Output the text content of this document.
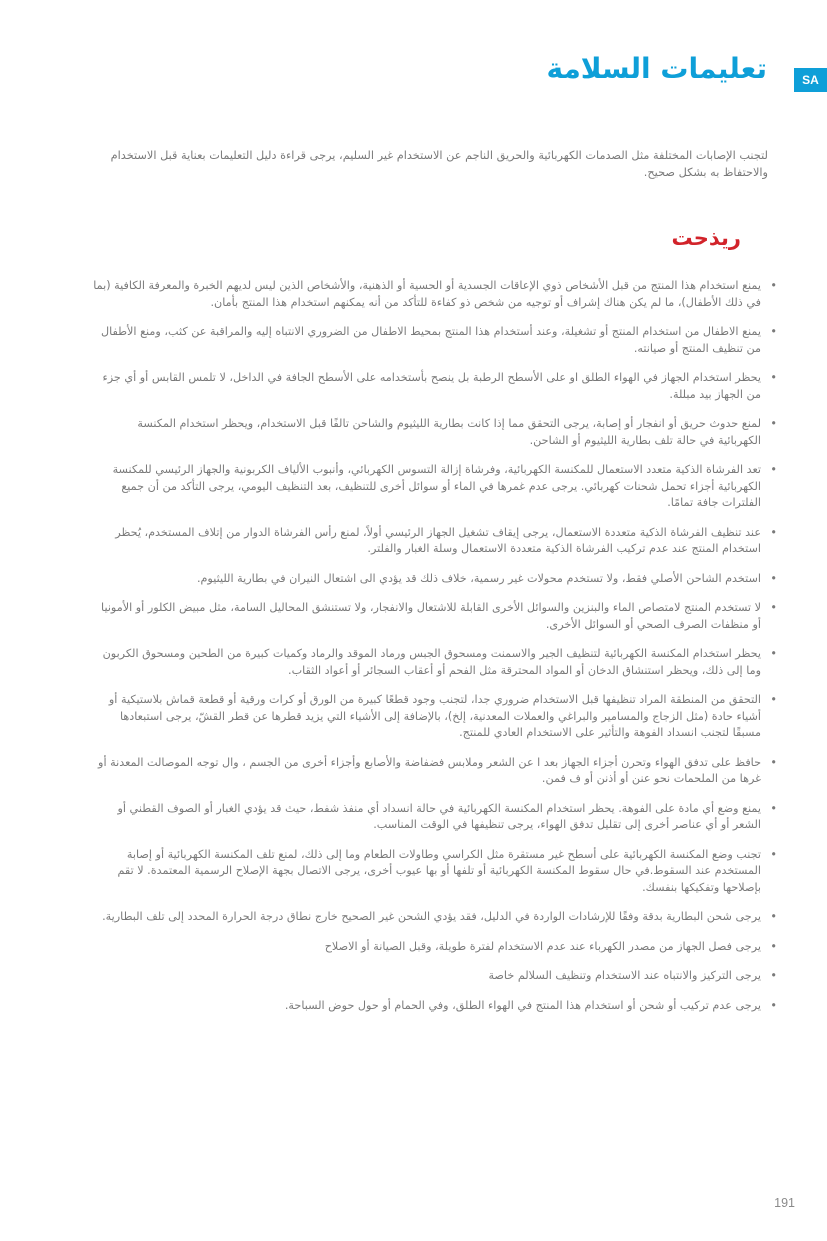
SA
تعليمات السلامة

لتجنب الإصابات المختلفة مثل الصدمات الكهربائية والحريق الناجم عن الاستخدام غير السليم، يرجى قراءة دليل التعليمات بعناية قبل الاستخدام والاحتفاظ به بشكل صحيح.

ريذحت
• يمنع استخدام هذا المنتج من قبل الأشخاص ذوي الإعاقات الجسدية أو الحسية أو الذهنية، والأشخاص الذين ليس لديهم الخبرة والمعرفة الكافية (بما في ذلك الأطفال)، ما لم يكن هناك إشراف أو توجيه من شخص ذو كفاءة للتأكد من أنه يمكنهم استخدام هذا المنتج بأمان.
• يمنع الاطفال من استخدام المنتج أو تشغيلة، وعند أستخدام هذا المنتج بمحيط الاطفال من الضروري الانتباه إليه والمراقبة عن كثب، ومنع الأطفال من تنظيف المنتج أو صيانته.
• يحظر استخدام الجهاز في الهواء الطلق او على الأسطح الرطبة بل ينصح بأستخدامه على الأسطح الجافة في الداخل، لا تلمس القابس أو أي جزء من الجهاز بيد مبللة.
• لمنع حدوث حريق أو انفجار أو إصابة، يرجى التحقق مما إذا كانت بطارية الليثيوم والشاحن تالفًا قبل الاستخدام، ويحظر استخدام المكنسة الكهربائية في حالة تلف بطارية الليثيوم أو الشاحن.
• تعد الفرشاة الذكية متعدد الاستعمال للمكنسة الكهربائية، وفرشاة إزالة التسوس الكهربائي، وأنبوب الألياف الكربونية والجهاز الرئيسي للمكنسة الكهربائية أجزاء تحمل شحنات كهربائي. يرجى عدم غمرها في الماء أو سوائل أخرى للتنظيف، بعد التنظيف اليومي، يرجى التأكد من أن جميع الفلترات جافة تمامًا.
• عند تنظيف الفرشاة الذكية متعددة الاستعمال، يرجى إيقاف تشغيل الجهاز الرئيسي أولاً، لمنع رأس الفرشاة الدوار من إتلاف المستخدم، يُحظر استخدام المنتج عند عدم تركيب الفرشاة الذكية متعددة الاستعمال وسلة الغبار والفلتر.
• استخدم الشاحن الأصلي فقط، ولا تستخدم محولات غير رسمية، خلاف ذلك قد يؤدي الى اشتعال النيران في بطارية الليثيوم.
• لا تستخدم المنتج لامتصاص الماء والبنزين والسوائل الأخرى القابلة للاشتعال والانفجار، ولا تستنشق المحاليل السامة، مثل مبيض الكلور أو الأمونيا أو منظفات الصرف الصحي أو السوائل الأخرى.
• يحظر استخدام المكنسة الكهربائية لتنظيف الجير والاسمنت ومسحوق الجبس ورماد الموقد والرماد وكميات كبيرة من الطحين ومسحوق الكربون وما إلى ذلك، ويحظر استنشاق الدخان أو المواد المحترقة مثل الفحم أو أعقاب السجائر أو أعواد الثقاب.
• التحقق من المنطقة المراد تنظيفها قبل الاستخدام ضروري جدا، لتجنب وجود قطعًا كبيرة من الورق أو كرات ورقية أو قطعة قماش بلاستيكية أو أشياء حادة (مثل الزجاج والمسامير والبراغي والعملات المعدنية، إلخ)، بالإضافة إلى الأشياء التي يزيد قطرها عن قطر القشّ، يرجى استبعادها مسبقًا لتجنب انسداد الفوهة والتأثير على الاستخدام العادي للمنتج.
• حافظ على تدفق الهواء وتحرن أجزاء الجهاز بعد ا عن الشعر وملابس فضفاضة والأصابع وأجزاء أخرى من الجسم ، وال توجه الموصالت المعدنة أو غرها من الملحمات نحو عنن أو أذنن أو ف فمن.
• يمنع وضع أي مادة على الفوهة. يحظر استخدام المكنسة الكهربائية في حالة انسداد أي منفذ شفط، حيث قد يؤدي الغبار أو الصوف القطني أو الشعر أو أي عناصر أخرى إلى تقليل تدفق الهواء، يرجى تنظيفها في الوقت المناسب.
• تجنب وضع المكنسة الكهربائية على أسطح غير مستقرة مثل الكراسي وطاولات الطعام وما إلى ذلك، لمنع تلف المكنسة الكهربائية أو إصابة المستخدم عند السقوط.في حال سقوط المكنسة الكهربائية أو تلفها أو بها عيوب أخرى، يرجى الاتصال بجهة الإصلاح الرسمية المعتمدة. لا تقم بإصلاحها وتفكيكها بنفسك.
• يرجى شحن البطارية بدقة وفقًا للإرشادات الواردة في الدليل، فقد يؤدي الشحن غير الصحيح خارج نطاق درجة الحرارة المحدد إلى تلف البطارية.
• يرجى فصل الجهاز من مصدر الكهرباء عند عدم الاستخدام لفترة طويلة، وقبل الصيانة أو الاصلاح
• يرجى التركيز والانتباه عند الاستخدام وتنظيف السلالم خاصة
• يرجى عدم تركيب أو شحن أو استخدام هذا المنتج في الهواء الطلق، وفي الحمام أو حول حوض السباحة.
191
